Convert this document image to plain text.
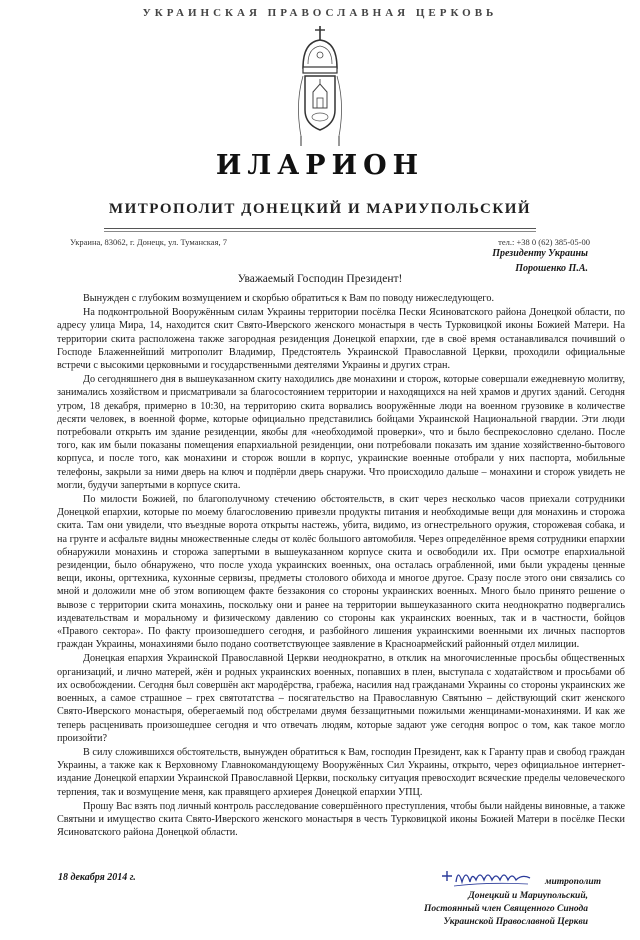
УКРАИНСКАЯ ПРАВОСЛАВНАЯ ЦЕРКОВЬ
ИЛАРИОН
МИТРОПОЛИТ ДОНЕЦКИЙ И МАРИУПОЛЬСКИЙ
Украина, 83062, г. Донецк, ул. Туманская, 7	тел.: +38 0 (62) 385-05-00
Президенту Украины
Порошенко П.А.
Уважаемый Господин Президент!

Вынужден с глубоким возмущением и скорбью обратиться к Вам по поводу нижеследующего.

На подконтрольной Вооружённым силам Украины территории посёлка Пески Ясиноватского района Донецкой области, по адресу улица Мира, 14, находится скит Свято-Иверского женского монастыря в честь Турковицкой иконы Божией Матери. На территории скита расположена также загородная резиденция Донецкой епархии, где в своё время останавливался почивший о Господе Блаженнейший митрополит Владимир, Предстоятель Украинской Православной Церкви, проходили официальные встречи с высокими церковными и государственными деятелями Украины и других стран.

До сегодняшнего дня в вышеуказанном скиту находились две монахини и сторож, которые совершали ежедневную молитву, занимались хозяйством и присматривали за благосостоянием территории и находящихся на ней храмов и других зданий. Сегодня утром, 18 декабря, примерно в 10:30, на территорию скита ворвались вооружённые люди на военном грузовике в количестве десяти человек, в военной форме, которые официально представились бойцами Украинской Национальной гвардии. Эти люди потребовали открыть им здание резиденции, якобы для «необходимой проверки», что и было беспрекословно сделано. После того, как им были показаны помещения епархиальной резиденции, они потребовали показать им здание хозяйственно-бытового корпуса, и после того, как монахини и сторож вошли в корпус, украинские военные отобрали у них паспорта, мобильные телефоны, закрыли за ними дверь на ключ и подпёрли дверь снаружи. Что происходило дальше – монахини и сторож увидеть не могли, будучи запертыми в корпусе скита.

По милости Божией, по благополучному стечению обстоятельств, в скит через несколько часов приехали сотрудники Донецкой епархии, которые по моему благословению привезли продукты питания и необходимые вещи для монахинь и сторожа скита. Там они увидели, что въездные ворота открыты настежь, убита, видимо, из огнестрельного оружия, сторожевая собака, и на грунте и асфальте видны множественные следы от колёс большого автомобиля. Через определённое время сотрудники епархии обнаружили монахинь и сторожа запертыми в вышеуказанном корпусе скита и освободили их. При осмотре епархиальной резиденции, было обнаружено, что после ухода украинских военных, она осталась ограбленной, ими были украдены ценные вещи, иконы, оргтехника, кухонные сервизы, предметы столового обихода и многое другое. Сразу после этого они связались со мной и доложили мне об этом вопиющем факте беззакония со стороны украинских военных. Много было принято решение о вывозе с территории скита монахинь, поскольку они и ранее на территории вышеуказанного скита неоднократно подвергались издевательствам и моральному и физическому давлению со стороны как украинских военных, так и в частности, бойцов «Правого сектора». По факту произошедшего сегодня, и разбойного лишения украинскими военными их личных паспортов граждан Украины, монахинями было подано соответствующее заявление в Красноармейский районный отдел милиции.

Донецкая епархия Украинской Православной Церкви неоднократно, в отклик на многочисленные просьбы общественных организаций, и лично матерей, жён и родных украинских военных, попавших в плен, выступала с ходатайством и просьбами об их освобождении. Сегодня был совершён акт мародёрства, грабежа, насилия над гражданами Украины со стороны украинских же военных, а самое страшное – грех святотатства – посягательство на Православную Святыню – действующий скит женского Свято-Иверского монастыря, оберегаемый под обстрелами двумя беззащитными пожилыми женщинами-монахинями. И как же теперь расценивать произошедшее сегодня и что отвечать людям, которые задают уже сегодня вопрос о том, как такое могло произойти?

В силу сложившихся обстоятельств, вынужден обратиться к Вам, господин Президент, как к Гаранту прав и свобод граждан Украины, а также как к Верховному Главнокомандующему Вооружённых Сил Украины, открыто, через официальное интернет-издание Донецкой епархии Украинской Православной Церкви, поскольку ситуация превосходит всяческие пределы человеческого терпения, так и возмущение меня, как правящего архиерея Донецкой епархии УПЦ.

Прошу Вас взять под личный контроль расследование совершённого преступления, чтобы были найдены виновные, а также Святыни и имущество скита Свято-Иверского женского монастыря в честь Турковицкой иконы Божией Матери в посёлке Пески Ясиноватского района Донецкой области.

18 декабря 2014 г.	митрополит
Донецкий и Мариупольский,
Постоянный член Священного Синода
Украинской Православной Церкви
